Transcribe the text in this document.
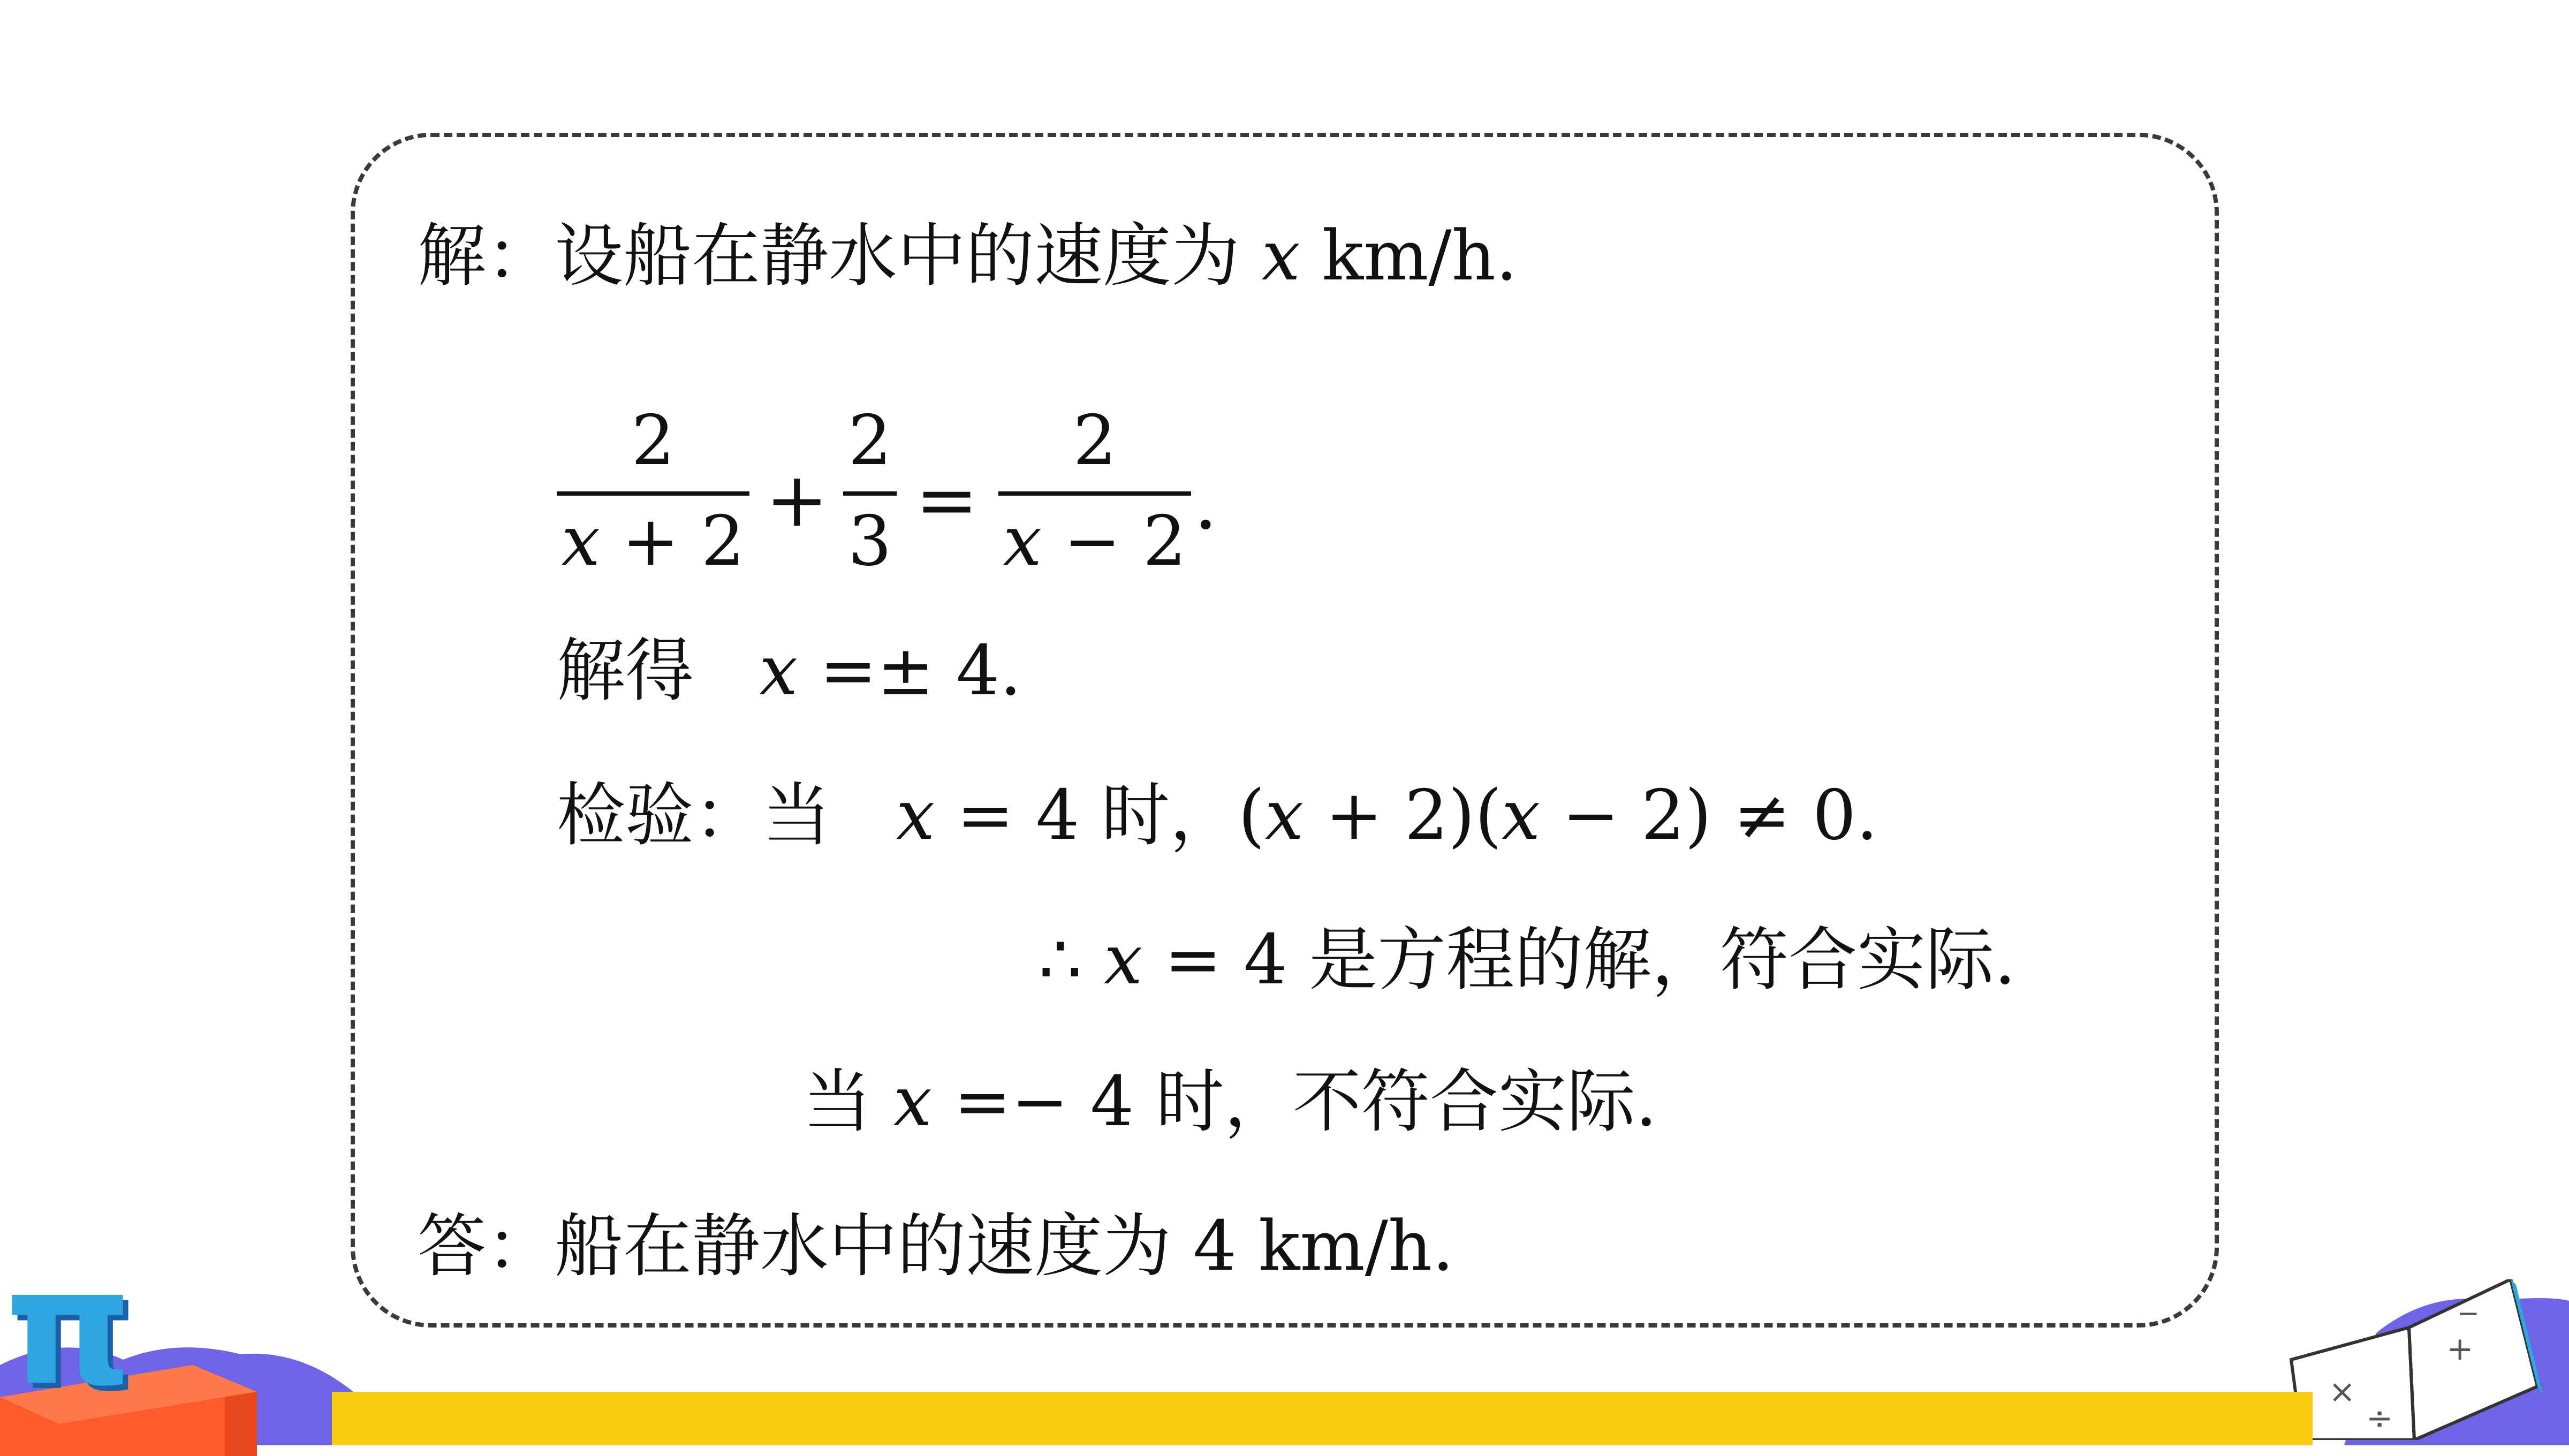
π	+
−
×
÷
解：设船在静水中的速度为 x km/h.
2
x + 2 +
2
3 =
2
x − 2 .
解得 x =± 4.
检验：当 x = 4 时，(x + 2)(x − 2) ≠ 0.
∴ x = 4 是方程的解，符合实际.
当 x =− 4 时，不符合实际.
答：船在静水中的速度为 4 km/h.
